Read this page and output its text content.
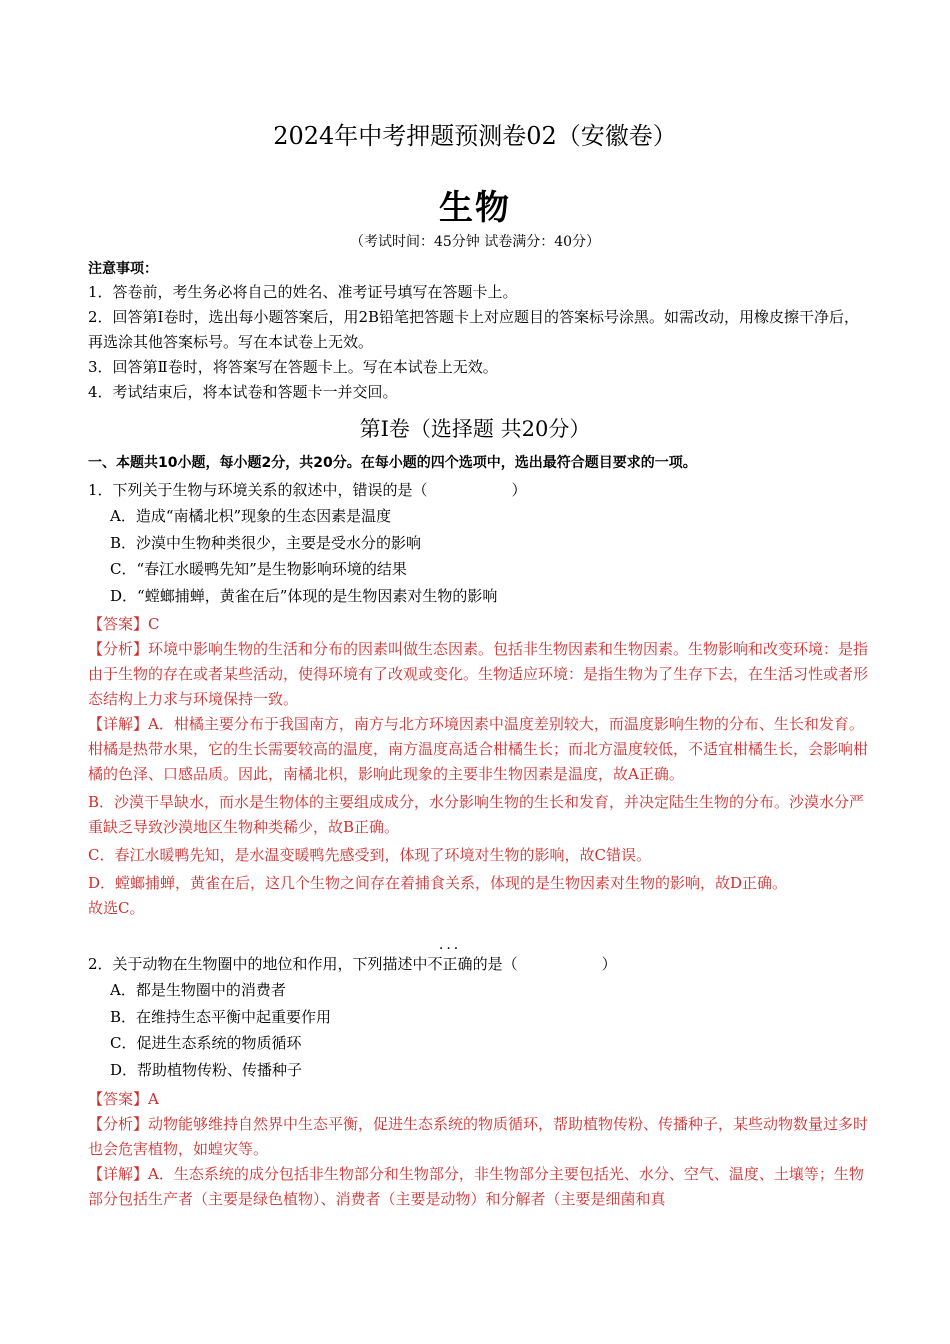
2024年中考押题预测卷02（安徽卷）
生物
（考试时间：45分钟 试卷满分：40分）
注意事项：
1．答卷前，考生务必将自己的姓名、准考证号填写在答题卡上。
2．回答第Ⅰ卷时，选出每小题答案后，用2B铅笔把答题卡上对应题目的答案标号涂黑。如需改动，用橡皮擦干净后，再选涂其他答案标号。写在本试卷上无效。
3．回答第Ⅱ卷时，将答案写在答题卡上。写在本试卷上无效。
4．考试结束后，将本试卷和答题卡一并交回。
第Ⅰ卷（选择题 共20分）
一、本题共10小题，每小题2分，共20分。在每小题的四个选项中，选出最符合题目要求的一项。
1．下列关于生物与环境关系的叙述中，错误的是（	）
A．造成“南橘北枳”现象的生态因素是温度
B．沙漠中生物种类很少，主要是受水分的影响
C．“春江水暖鸭先知”是生物影响环境的结果
D．“螳螂捕蝉，黄雀在后”体现的是生物因素对生物的影响

【答案】C

【分析】环境中影响生物的生活和分布的因素叫做生态因素。包括非生物因素和生物因素。生物影响和改变环境：是指由于生物的存在或者某些活动，使得环境有了改观或变化。生物适应环境：是指生物为了生存下去，在生活习性或者形态结构上力求与环境保持一致。

【详解】A．柑橘主要分布于我国南方，南方与北方环境因素中温度差别较大，而温度影响生物的分布、生长和发育。柑橘是热带水果，它的生长需要较高的温度，南方温度高适合柑橘生长；而北方温度较低，不适宜柑橘生长，会影响柑橘的色泽、口感品质。因此，南橘北枳，影响此现象的主要非生物因素是温度，故A正确。

B．沙漠干旱缺水，而水是生物体的主要组成成分，水分影响生物的生长和发育，并决定陆生生物的分布。沙漠水分严重缺乏导致沙漠地区生物种类稀少，故B正确。

C．春江水暖鸭先知，是水温变暖鸭先感受到，体现了环境对生物的影响，故C错误。

D．螳螂捕蝉，黄雀在后，这几个生物之间存在着捕食关系，体现的是生物因素对生物的影响，故D正确。

故选C。

2．关于动物在生物圈中的地位和作用，下列描述中不正确 ···的是（	）
A．都是生物圈中的消费者
B．在维持生态平衡中起重要作用
C．促进生态系统的物质循环
D．帮助植物传粉、传播种子

【答案】A

【分析】动物能够维持自然界中生态平衡，促进生态系统的物质循环，帮助植物传粉、传播种子，某些动物数量过多时也会危害植物，如蝗灾等。

【详解】A．生态系统的成分包括非生物部分和生物部分，非生物部分主要包括光、水分、空气、温度、土壤等；生物部分包括生产者（主要是绿色植物）、消费者（主要是动物）和分解者（主要是细菌和真
